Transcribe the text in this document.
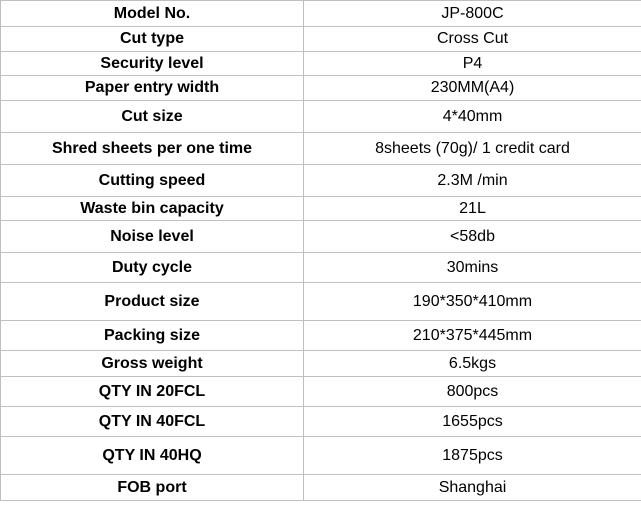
Model No.	JP-800C
Cut type	Cross Cut
Security level	P4
Paper entry width	230MM(A4)
Cut size	4*40mm
Shred sheets per one time	8sheets (70g)/ 1 credit card
Cutting speed	2.3M /min
Waste bin capacity	21L
Noise level	<58db
Duty cycle	30mins
Product size	190*350*410mm
Packing size	210*375*445mm
Gross weight	6.5kgs
QTY IN 20FCL	800pcs
QTY IN 40FCL	1655pcs
QTY IN 40HQ	1875pcs
FOB port	Shanghai
